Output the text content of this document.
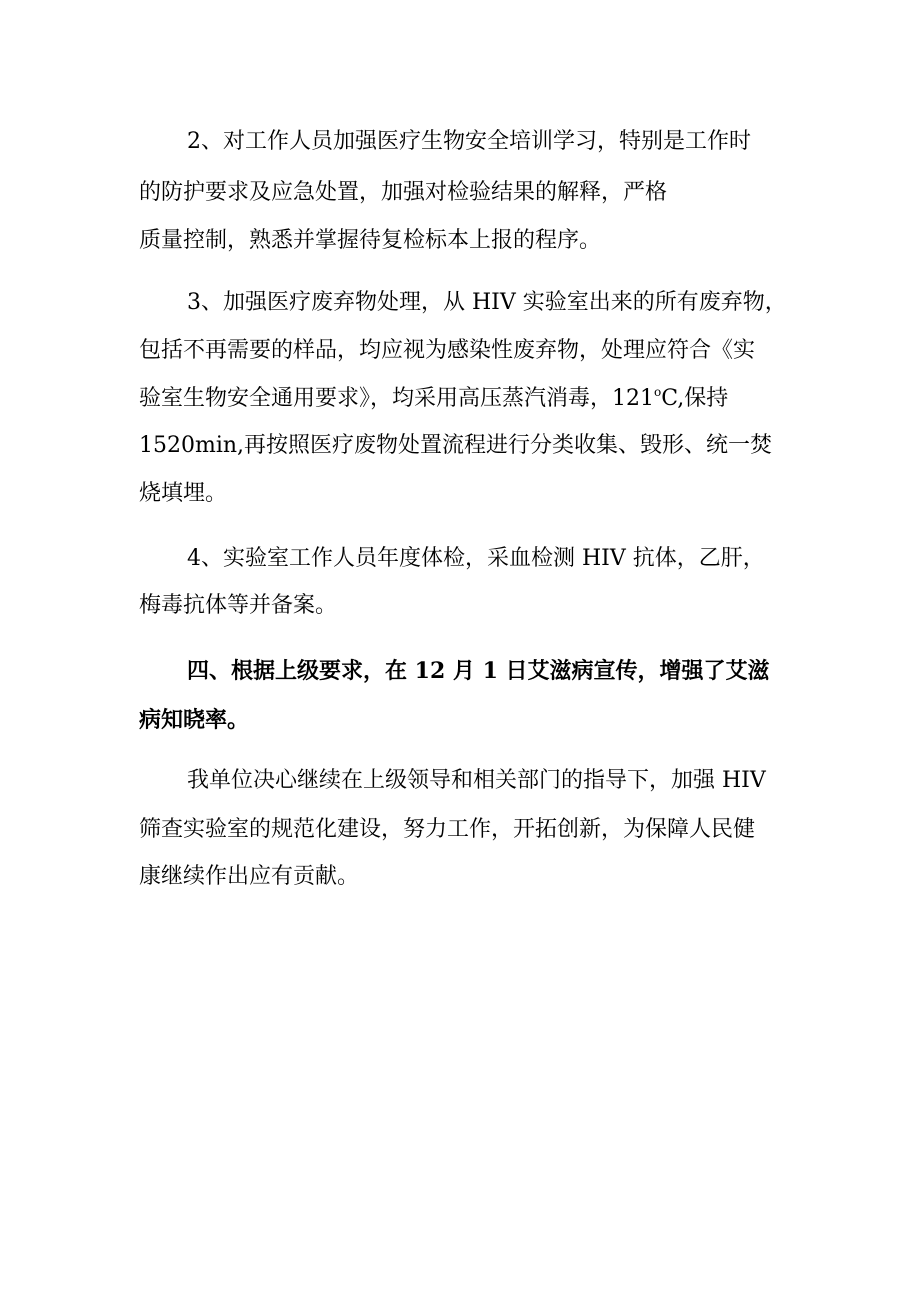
2、对工作人员加强医疗生物安全培训学习，特别是工作时
的防护要求及应急处置，加强对检验结果的解释，严格
质量控制，熟悉并掌握待复检标本上报的程序。
3、加强医疗废弃物处理，从 HIV 实验室出来的所有废弃物，
包括不再需要的样品，均应视为感染性废弃物，处理应符合《实
验室生物安全通用要求》，均采用高压蒸汽消毒，121$^o$C,保持
1520min,再按照医疗废物处置流程进行分类收集、毁形、统一焚
烧填埋。
4、实验室工作人员年度体检，采血检测 HIV 抗体，乙肝，
梅毒抗体等并备案。
四、根据上级要求，在 12 月 1 日艾滋病宣传，增强了艾滋
病知晓率。
我单位决心继续在上级领导和相关部门的指导下，加强 HIV
筛查实验室的规范化建设，努力工作，开拓创新，为保障人民健
康继续作出应有贡献。
